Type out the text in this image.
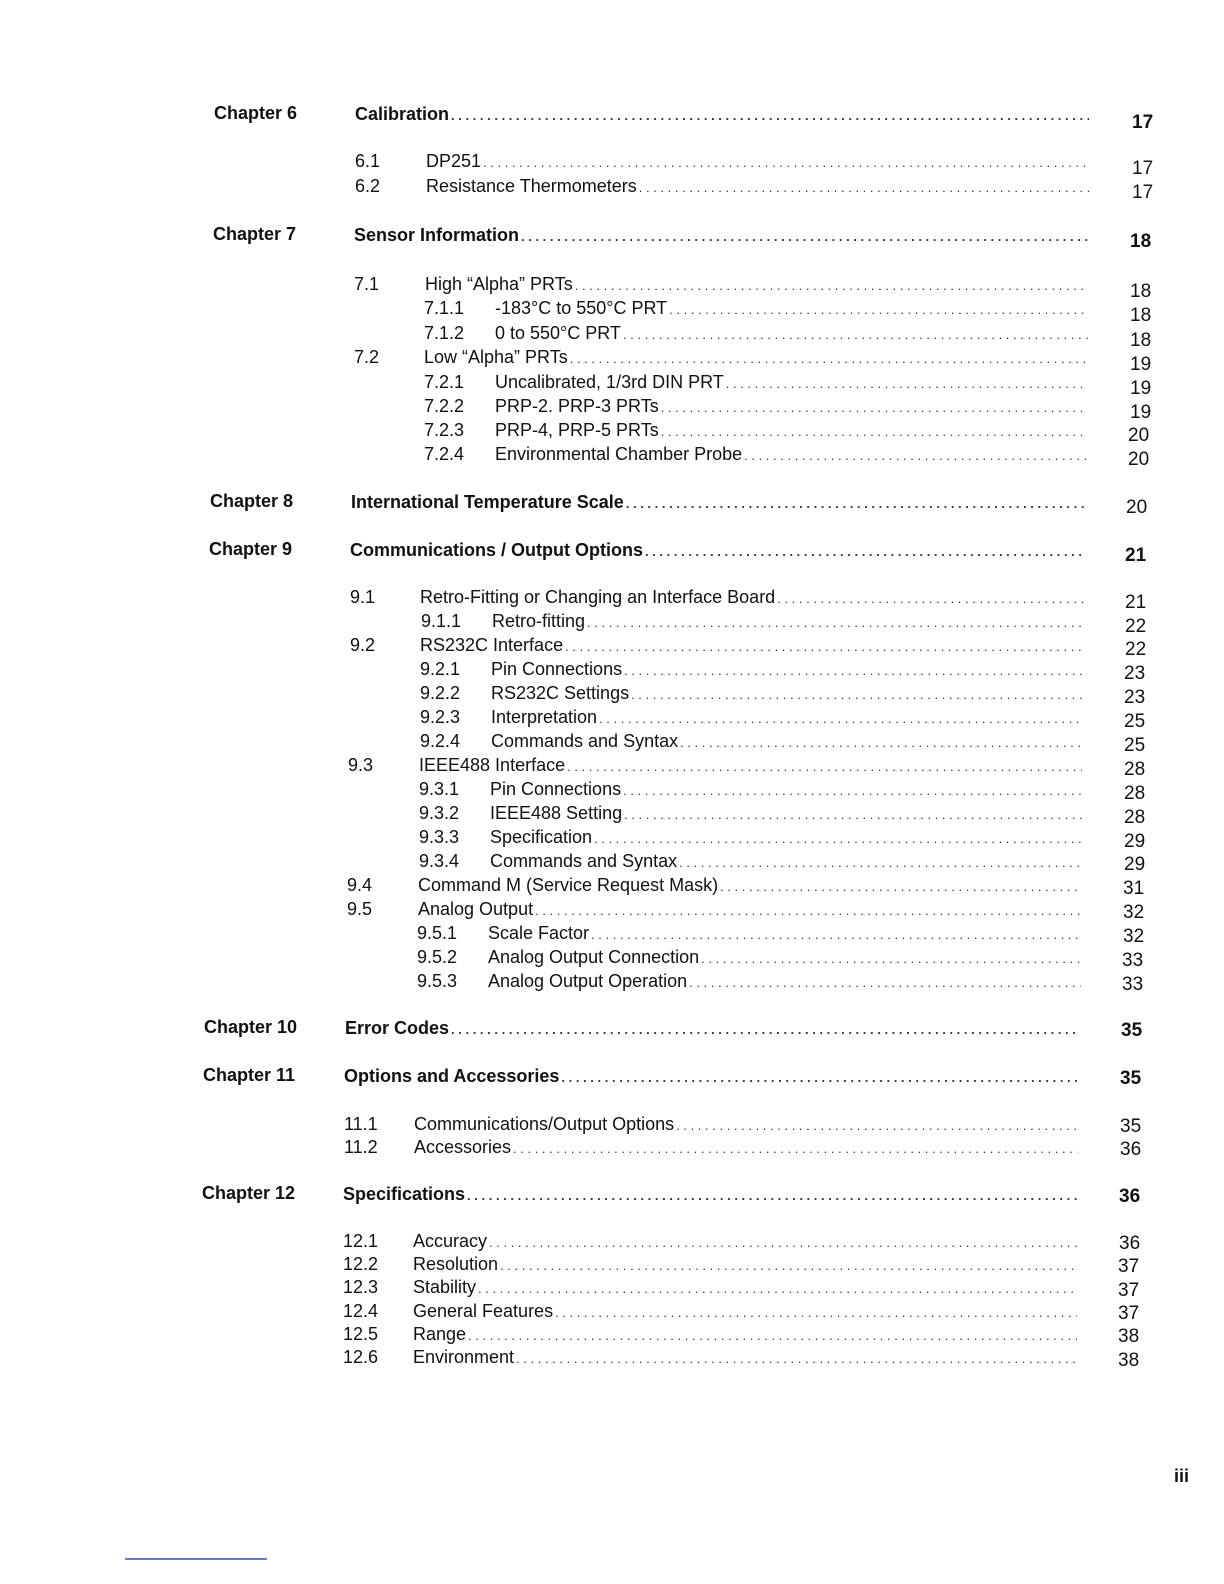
Chapter 6	Calibration . . .	17
6.1	DP251 . . .	17
6.2	Resistance Thermometers . . .	17
Chapter 7	Sensor Information . . .	18
7.1	High “Alpha” PRTs . . .	18
7.1.1	-183°C to 550°C PRT . . .	18
7.1.2	0 to 550°C PRT . . .	18
7.2	Low “Alpha” PRTs . . .	19
7.2.1	Uncalibrated, 1/3rd DIN PRT . . .	19
7.2.2	PRP-2. PRP-3 PRTs . . .	19
7.2.3	PRP-4, PRP-5 PRTs . . .	20
7.2.4	Environmental Chamber Probe . . .	20
Chapter 8	International Temperature Scale . . .	20
Chapter 9	Communications / Output Options . . .	21
9.1	Retro-Fitting or Changing an Interface Board . . .	21
9.1.1	Retro-fitting . . .	22
9.2	RS232C Interface . . .	22
9.2.1	Pin Connections . . .	23
9.2.2	RS232C Settings . . .	23
9.2.3	Interpretation . . .	25
9.2.4	Commands and Syntax . . .	25
9.3	IEEE488 Interface . . .	28
9.3.1	Pin Connections . . .	28
9.3.2	IEEE488 Setting . . .	28
9.3.3	Specification . . .	29
9.3.4	Commands and Syntax . . .	29
9.4	Command M (Service Request Mask) . . .	31
9.5	Analog Output . . .	32
9.5.1	Scale Factor . . .	32
9.5.2	Analog Output Connection . . .	33
9.5.3	Analog Output Operation . . .	33
Chapter 10	Error Codes . . .	35
Chapter 11	Options and Accessories . . .	35
11.1	Communications/Output Options . . .	35
11.2	Accessories . . .	36
Chapter 12	Specifications . . .	36
12.1	Accuracy . . .	36
12.2	Resolution . . .	37
12.3	Stability . . .	37
12.4	General Features . . .	37
12.5	Range . . .	38
12.6	Environment . . .	38
iii
